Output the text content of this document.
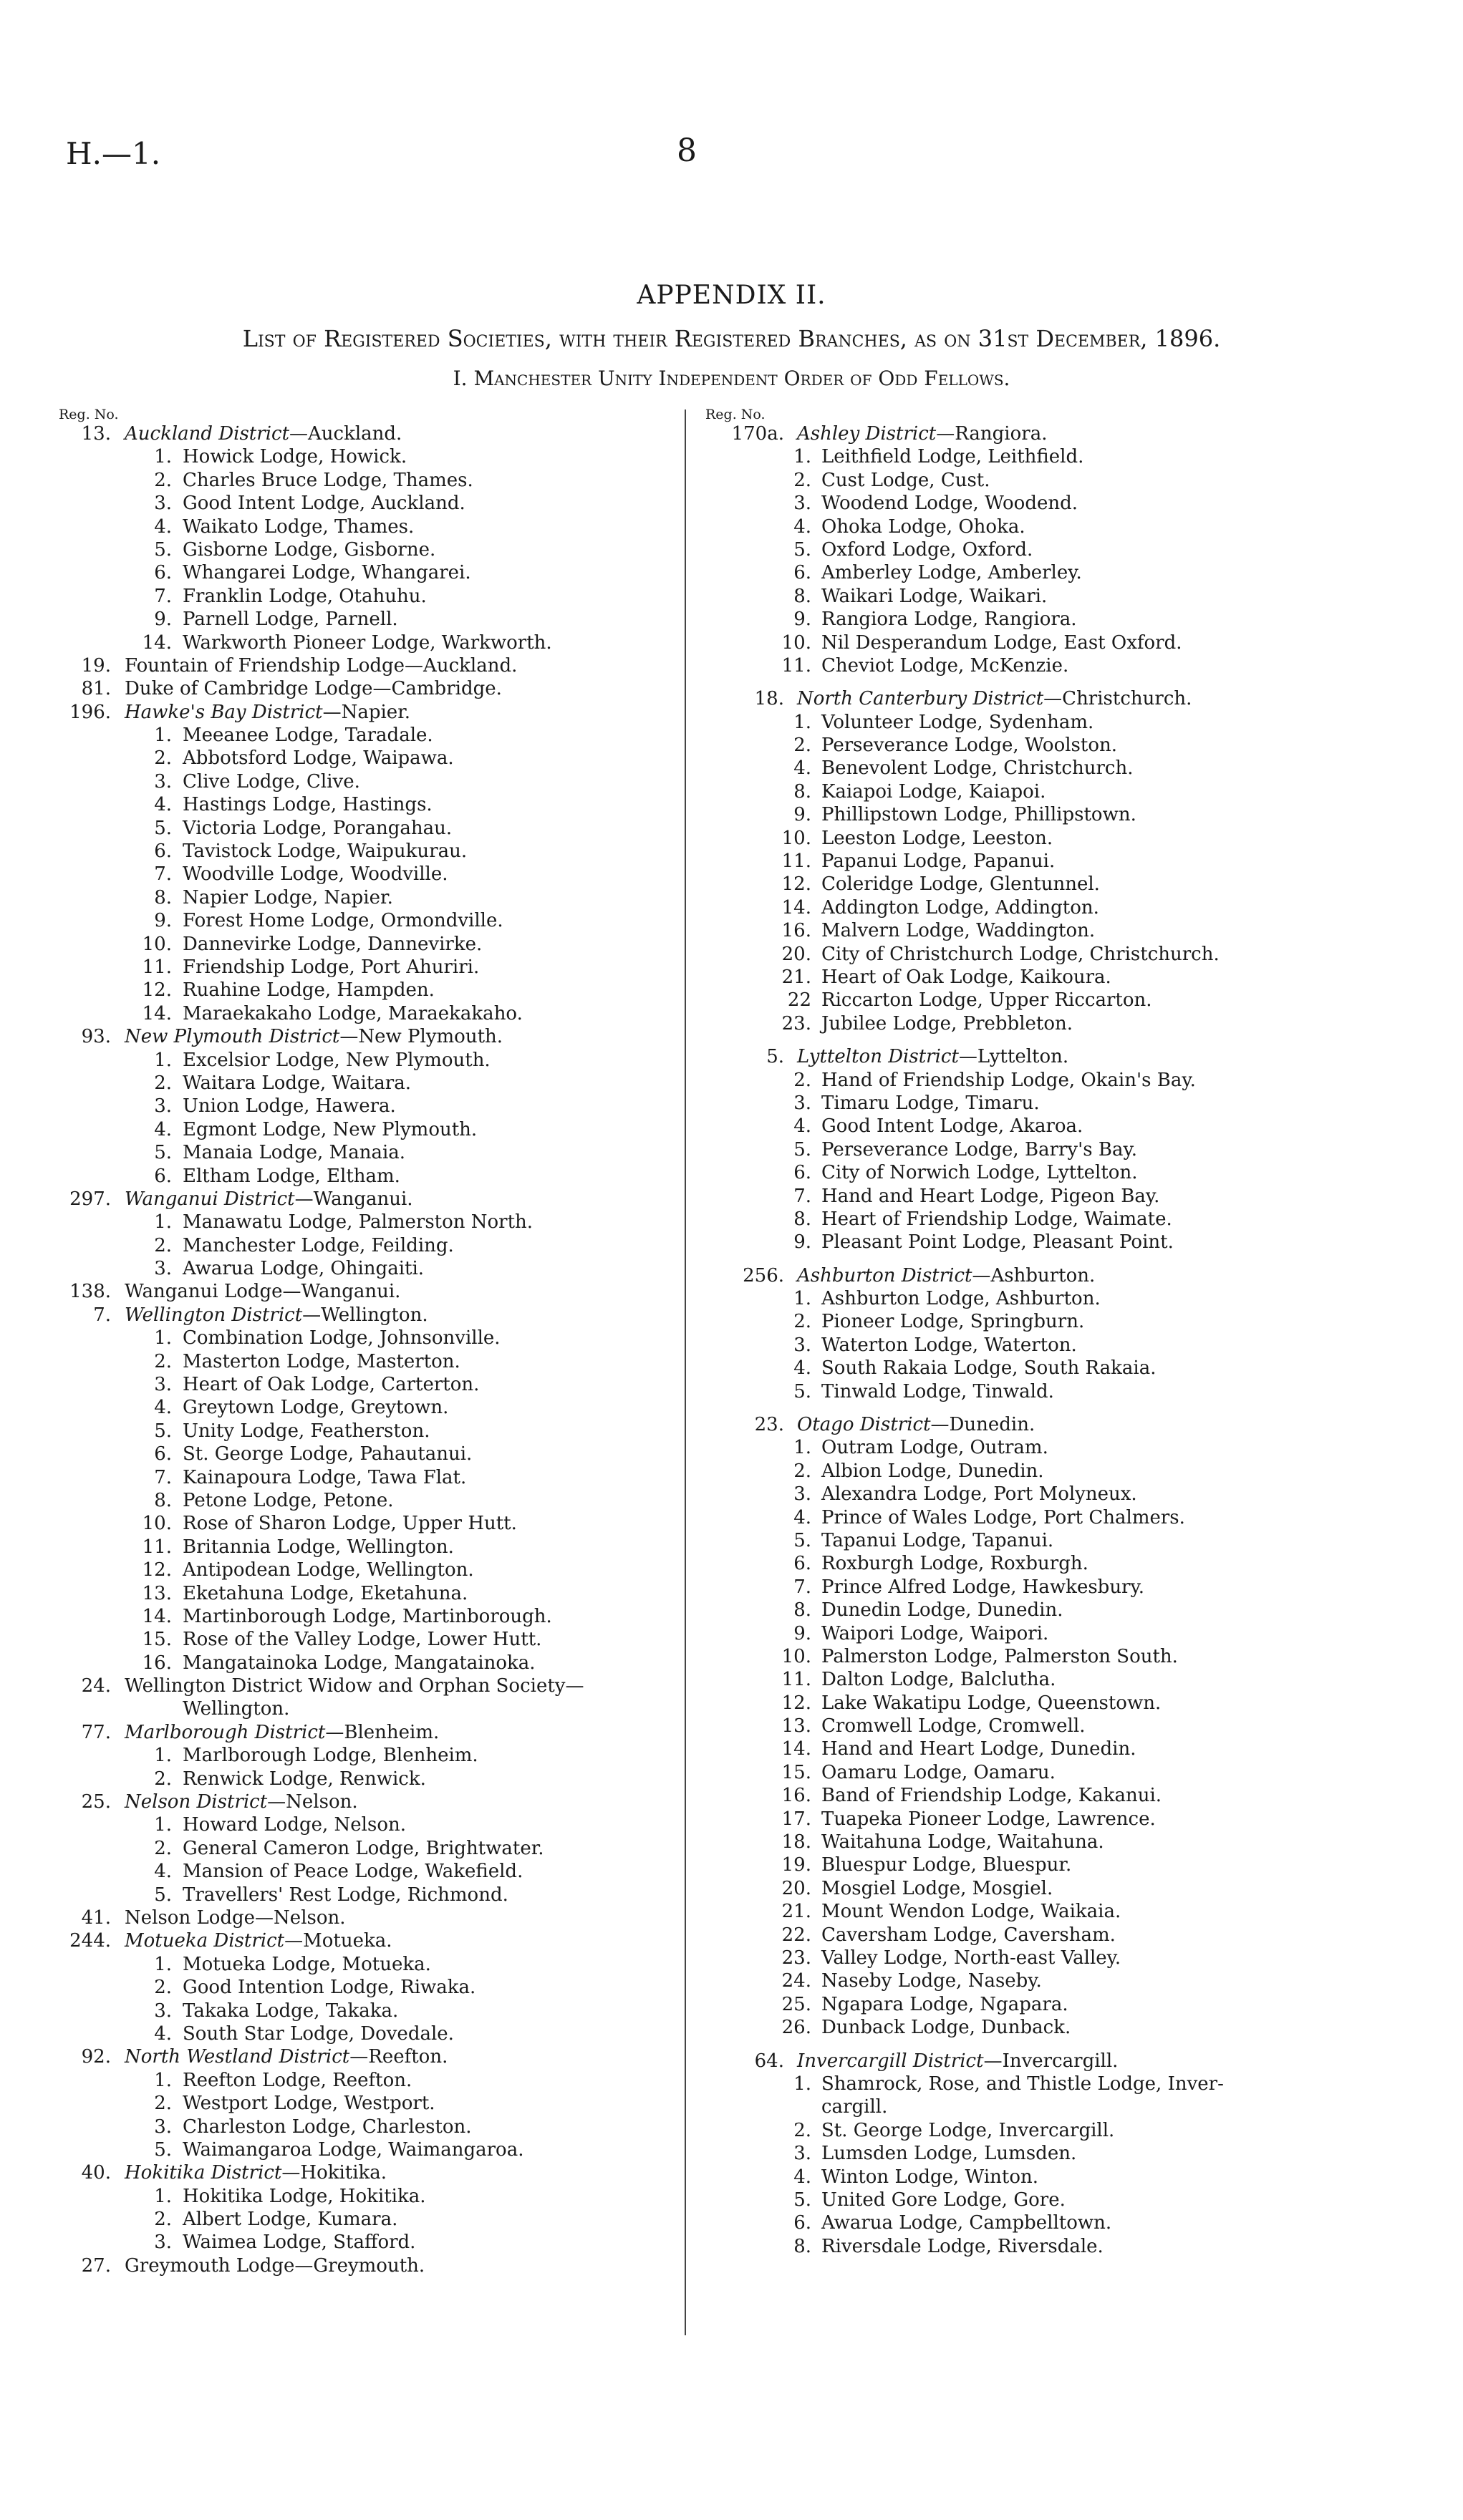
H.—1.	8
APPENDIX II.
List of Registered Societies, with their Registered Branches, as on 31st December, 1896.
I. Manchester Unity Independent Order of Odd Fellows.
Reg. No.
13. Auckland District—Auckland.
1. Howick Lodge, Howick.
2. Charles Bruce Lodge, Thames.
3. Good Intent Lodge, Auckland.
4. Waikato Lodge, Thames.
5. Gisborne Lodge, Gisborne.
6. Whangarei Lodge, Whangarei.
7. Franklin Lodge, Otahuhu.
9. Parnell Lodge, Parnell.
14. Warkworth Pioneer Lodge, Warkworth.
19. Fountain of Friendship Lodge—Auckland.
81. Duke of Cambridge Lodge—Cambridge.
196. Hawke's Bay District—Napier.
1. Meeanee Lodge, Taradale.
2. Abbotsford Lodge, Waipawa.
3. Clive Lodge, Clive.
4. Hastings Lodge, Hastings.
5. Victoria Lodge, Porangahau.
6. Tavistock Lodge, Waipukurau.
7. Woodville Lodge, Woodville.
8. Napier Lodge, Napier.
9. Forest Home Lodge, Ormondville.
10. Dannevirke Lodge, Dannevirke.
11. Friendship Lodge, Port Ahuriri.
12. Ruahine Lodge, Hampden.
14. Maraekakaho Lodge, Maraekakaho.
93. New Plymouth District—New Plymouth.
1. Excelsior Lodge, New Plymouth.
2. Waitara Lodge, Waitara.
3. Union Lodge, Hawera.
4. Egmont Lodge, New Plymouth.
5. Manaia Lodge, Manaia.
6. Eltham Lodge, Eltham.
297. Wanganui District—Wanganui.
1. Manawatu Lodge, Palmerston North.
2. Manchester Lodge, Feilding.
3. Awarua Lodge, Ohingaiti.
138. Wanganui Lodge—Wanganui.
7. Wellington District—Wellington.
1. Combination Lodge, Johnsonville.
2. Masterton Lodge, Masterton.
3. Heart of Oak Lodge, Carterton.
4. Greytown Lodge, Greytown.
5. Unity Lodge, Featherston.
6. St. George Lodge, Pahautanui.
7. Kainapoura Lodge, Tawa Flat.
8. Petone Lodge, Petone.
10. Rose of Sharon Lodge, Upper Hutt.
11. Britannia Lodge, Wellington.
12. Antipodean Lodge, Wellington.
13. Eketahuna Lodge, Eketahuna.
14. Martinborough Lodge, Martinborough.
15. Rose of the Valley Lodge, Lower Hutt.
16. Mangatainoka Lodge, Mangatainoka.
24. Wellington District Widow and Orphan Society—
Wellington.
77. Marlborough District—Blenheim.
1. Marlborough Lodge, Blenheim.
2. Renwick Lodge, Renwick.
25. Nelson District—Nelson.
1. Howard Lodge, Nelson.
2. General Cameron Lodge, Brightwater.
4. Mansion of Peace Lodge, Wakefield.
5. Travellers' Rest Lodge, Richmond.
41. Nelson Lodge—Nelson.
244. Motueka District—Motueka.
1. Motueka Lodge, Motueka.
2. Good Intention Lodge, Riwaka.
3. Takaka Lodge, Takaka.
4. South Star Lodge, Dovedale.
92. North Westland District—Reefton.
1. Reefton Lodge, Reefton.
2. Westport Lodge, Westport.
3. Charleston Lodge, Charleston.
5. Waimangaroa Lodge, Waimangaroa.
40. Hokitika District—Hokitika.
1. Hokitika Lodge, Hokitika.
2. Albert Lodge, Kumara.
3. Waimea Lodge, Stafford.
27. Greymouth Lodge—Greymouth.
Reg. No.
170a. Ashley District—Rangiora.
1. Leithfield Lodge, Leithfield.
2. Cust Lodge, Cust.
3. Woodend Lodge, Woodend.
4. Ohoka Lodge, Ohoka.
5. Oxford Lodge, Oxford.
6. Amberley Lodge, Amberley.
8. Waikari Lodge, Waikari.
9. Rangiora Lodge, Rangiora.
10. Nil Desperandum Lodge, East Oxford.
11. Cheviot Lodge, McKenzie.
18. North Canterbury District—Christchurch.
1. Volunteer Lodge, Sydenham.
2. Perseverance Lodge, Woolston.
4. Benevolent Lodge, Christchurch.
8. Kaiapoi Lodge, Kaiapoi.
9. Phillipstown Lodge, Phillipstown.
10. Leeston Lodge, Leeston.
11. Papanui Lodge, Papanui.
12. Coleridge Lodge, Glentunnel.
14. Addington Lodge, Addington.
16. Malvern Lodge, Waddington.
20. City of Christchurch Lodge, Christchurch.
21. Heart of Oak Lodge, Kaikoura.
22 Riccarton Lodge, Upper Riccarton.
23. Jubilee Lodge, Prebbleton.
5. Lyttelton District—Lyttelton.
2. Hand of Friendship Lodge, Okain's Bay.
3. Timaru Lodge, Timaru.
4. Good Intent Lodge, Akaroa.
5. Perseverance Lodge, Barry's Bay.
6. City of Norwich Lodge, Lyttelton.
7. Hand and Heart Lodge, Pigeon Bay.
8. Heart of Friendship Lodge, Waimate.
9. Pleasant Point Lodge, Pleasant Point.
256. Ashburton District—Ashburton.
1. Ashburton Lodge, Ashburton.
2. Pioneer Lodge, Springburn.
3. Waterton Lodge, Waterton.
4. South Rakaia Lodge, South Rakaia.
5. Tinwald Lodge, Tinwald.
23. Otago District—Dunedin.
1. Outram Lodge, Outram.
2. Albion Lodge, Dunedin.
3. Alexandra Lodge, Port Molyneux.
4. Prince of Wales Lodge, Port Chalmers.
5. Tapanui Lodge, Tapanui.
6. Roxburgh Lodge, Roxburgh.
7. Prince Alfred Lodge, Hawkesbury.
8. Dunedin Lodge, Dunedin.
9. Waipori Lodge, Waipori.
10. Palmerston Lodge, Palmerston South.
11. Dalton Lodge, Balclutha.
12. Lake Wakatipu Lodge, Queenstown.
13. Cromwell Lodge, Cromwell.
14. Hand and Heart Lodge, Dunedin.
15. Oamaru Lodge, Oamaru.
16. Band of Friendship Lodge, Kakanui.
17. Tuapeka Pioneer Lodge, Lawrence.
18. Waitahuna Lodge, Waitahuna.
19. Bluespur Lodge, Bluespur.
20. Mosgiel Lodge, Mosgiel.
21. Mount Wendon Lodge, Waikaia.
22. Caversham Lodge, Caversham.
23. Valley Lodge, North-east Valley.
24. Naseby Lodge, Naseby.
25. Ngapara Lodge, Ngapara.
26. Dunback Lodge, Dunback.
64. Invercargill District—Invercargill.
1. Shamrock, Rose, and Thistle Lodge, Inver-
cargill.
2. St. George Lodge, Invercargill.
3. Lumsden Lodge, Lumsden.
4. Winton Lodge, Winton.
5. United Gore Lodge, Gore.
6. Awarua Lodge, Campbelltown.
8. Riversdale Lodge, Riversdale.
